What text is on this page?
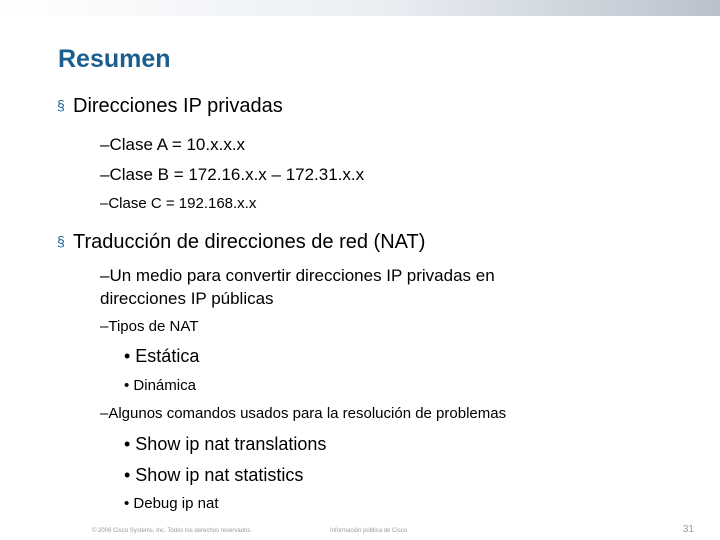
Resumen
§ Direcciones IP privadas
–Clase A = 10.x.x.x
–Clase B = 172.16.x.x – 172.31.x.x
–Clase C = 192.168.x.x
§ Traducción de direcciones de red (NAT)
–Un medio para convertir direcciones IP privadas en
direcciones IP públicas
–Tipos de NAT
• Estática
• Dinámica
–Algunos comandos usados para la resolución de problemas
• Show ip nat translations
• Show ip nat statistics
• Debug ip nat
© 2006 Cisco Systems, Inc. Todos los derechos reservados.	Información pública de Cisco	31
